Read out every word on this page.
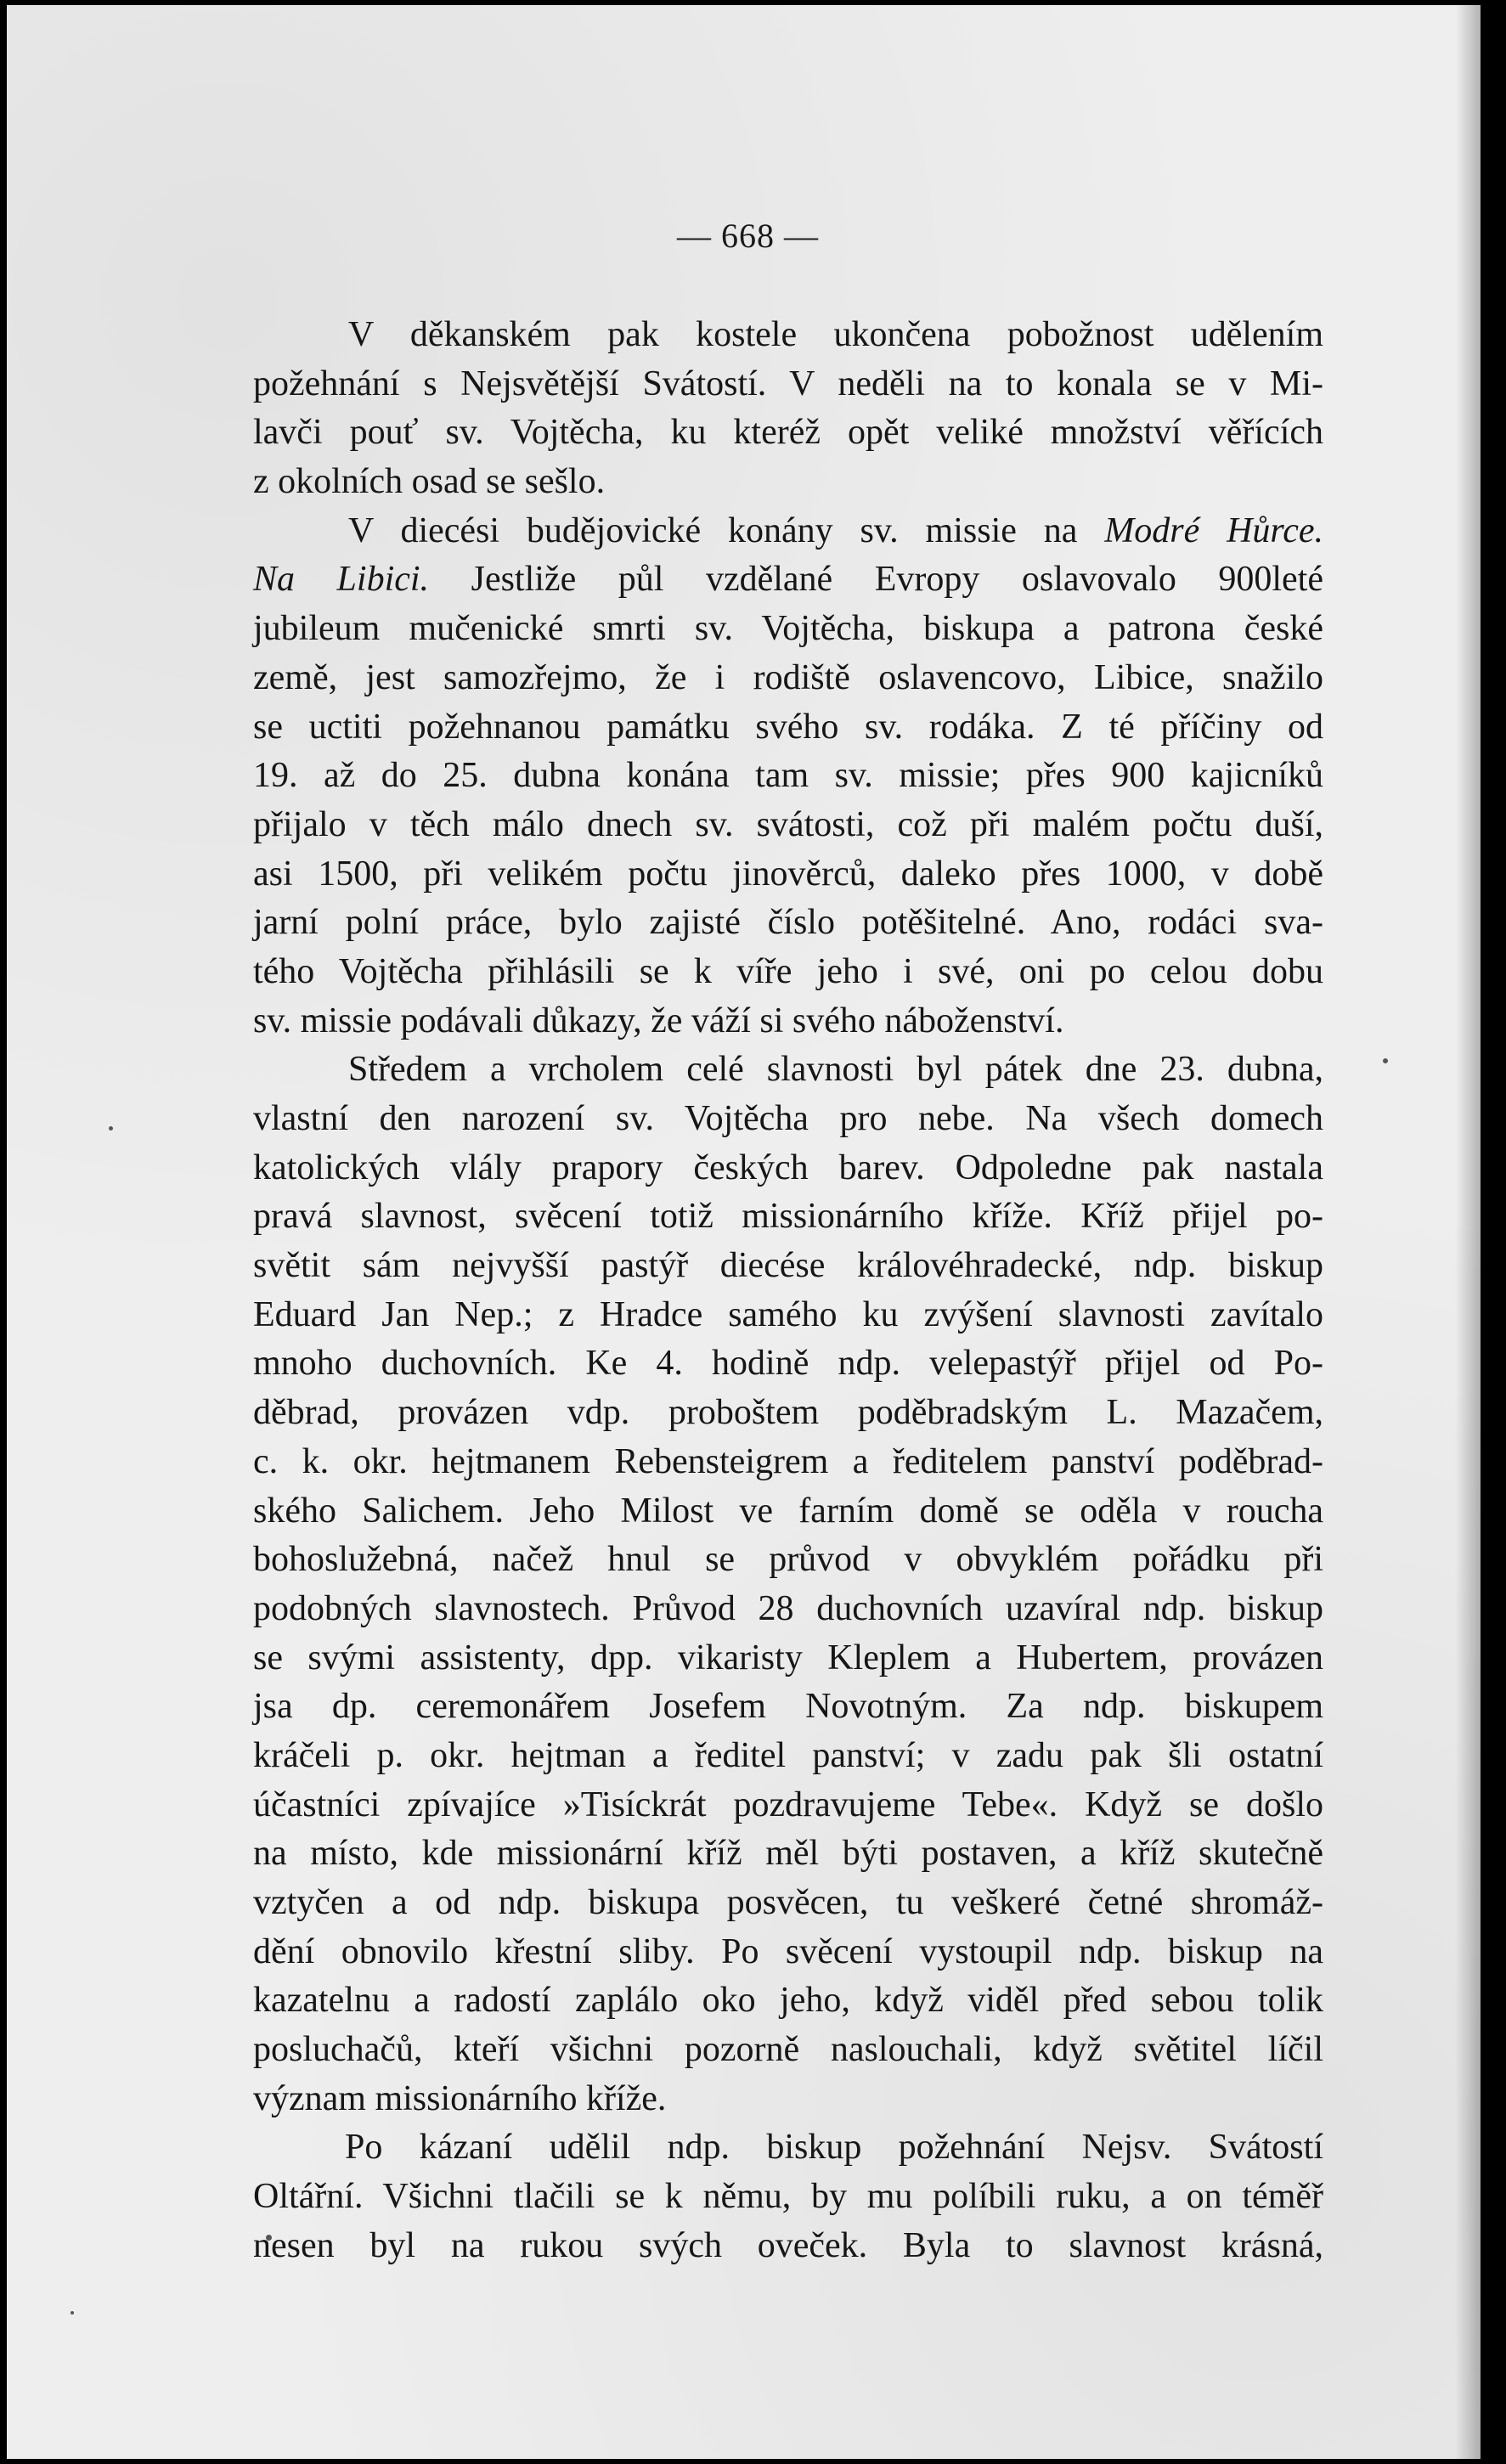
— 668 —
V děkanském pak kostele ukončena pobožnost udělením
požehnání s Nejsvětější Svátostí. V neděli na to konala se v Mi-
lavči pouť sv. Vojtěcha, ku kteréž opět veliké množství věřících
z okolních osad se sešlo.
V diecési budějovické konány sv. missie na Modré Hůrce.
Na Libici. Jestliže půl vzdělané Evropy oslavovalo 900leté
jubileum mučenické smrti sv. Vojtěcha, biskupa a patrona české
země, jest samozřejmo, že i rodiště oslavencovo, Libice, snažilo
se uctiti požehnanou památku svého sv. rodáka. Z té příčiny od
19. až do 25. dubna konána tam sv. missie; přes 900 kajicníků
přijalo v těch málo dnech sv. svátosti, což při malém počtu duší,
asi 1500, při velikém počtu jinověrců, daleko přes 1000, v době
jarní polní práce, bylo zajisté číslo potěšitelné. Ano, rodáci sva-
tého Vojtěcha přihlásili se k víře jeho i své, oni po celou dobu
sv. missie podávali důkazy, že váží si svého náboženství.
Středem a vrcholem celé slavnosti byl pátek dne 23. dubna,
vlastní den narození sv. Vojtěcha pro nebe. Na všech domech
katolických vlály prapory českých barev. Odpoledne pak nastala
pravá slavnost, svěcení totiž missionárního kříže. Kříž přijel po-
světit sám nejvyšší pastýř diecése královéhradecké, ndp. biskup
Eduard Jan Nep.; z Hradce samého ku zvýšení slavnosti zavítalo
mnoho duchovních. Ke 4. hodině ndp. velepastýř přijel od Po-
děbrad, provázen vdp. proboštem poděbradským L. Mazačem,
c. k. okr. hejtmanem Rebensteigrem a ředitelem panství poděbrad-
ského Salichem. Jeho Milost ve farním domě se oděla v roucha
bohoslužebná, načež hnul se průvod v obvyklém pořádku při
podobných slavnostech. Průvod 28 duchovních uzavíral ndp. biskup
se svými assistenty, dpp. vikaristy Kleplem a Hubertem, provázen
jsa dp. ceremonářem Josefem Novotným. Za ndp. biskupem
kráčeli p. okr. hejtman a ředitel panství; v zadu pak šli ostatní
účastníci zpívajíce »Tisíckrát pozdravujeme Tebe«. Když se došlo
na místo, kde missionární kříž měl býti postaven, a kříž skutečně
vztyčen a od ndp. biskupa posvěcen, tu veškeré četné shromáž-
dění obnovilo křestní sliby. Po svěcení vystoupil ndp. biskup na
kazatelnu a radostí zaplálo oko jeho, když viděl před sebou tolik
posluchačů, kteří všichni pozorně naslouchali, když světitel líčil
význam missionárního kříže.
Po kázaní udělil ndp. biskup požehnání Nejsv. Svátostí
Oltářní. Všichni tlačili se k němu, by mu políbili ruku, a on téměř
nesen byl na rukou svých oveček. Byla to slavnost krásná,
